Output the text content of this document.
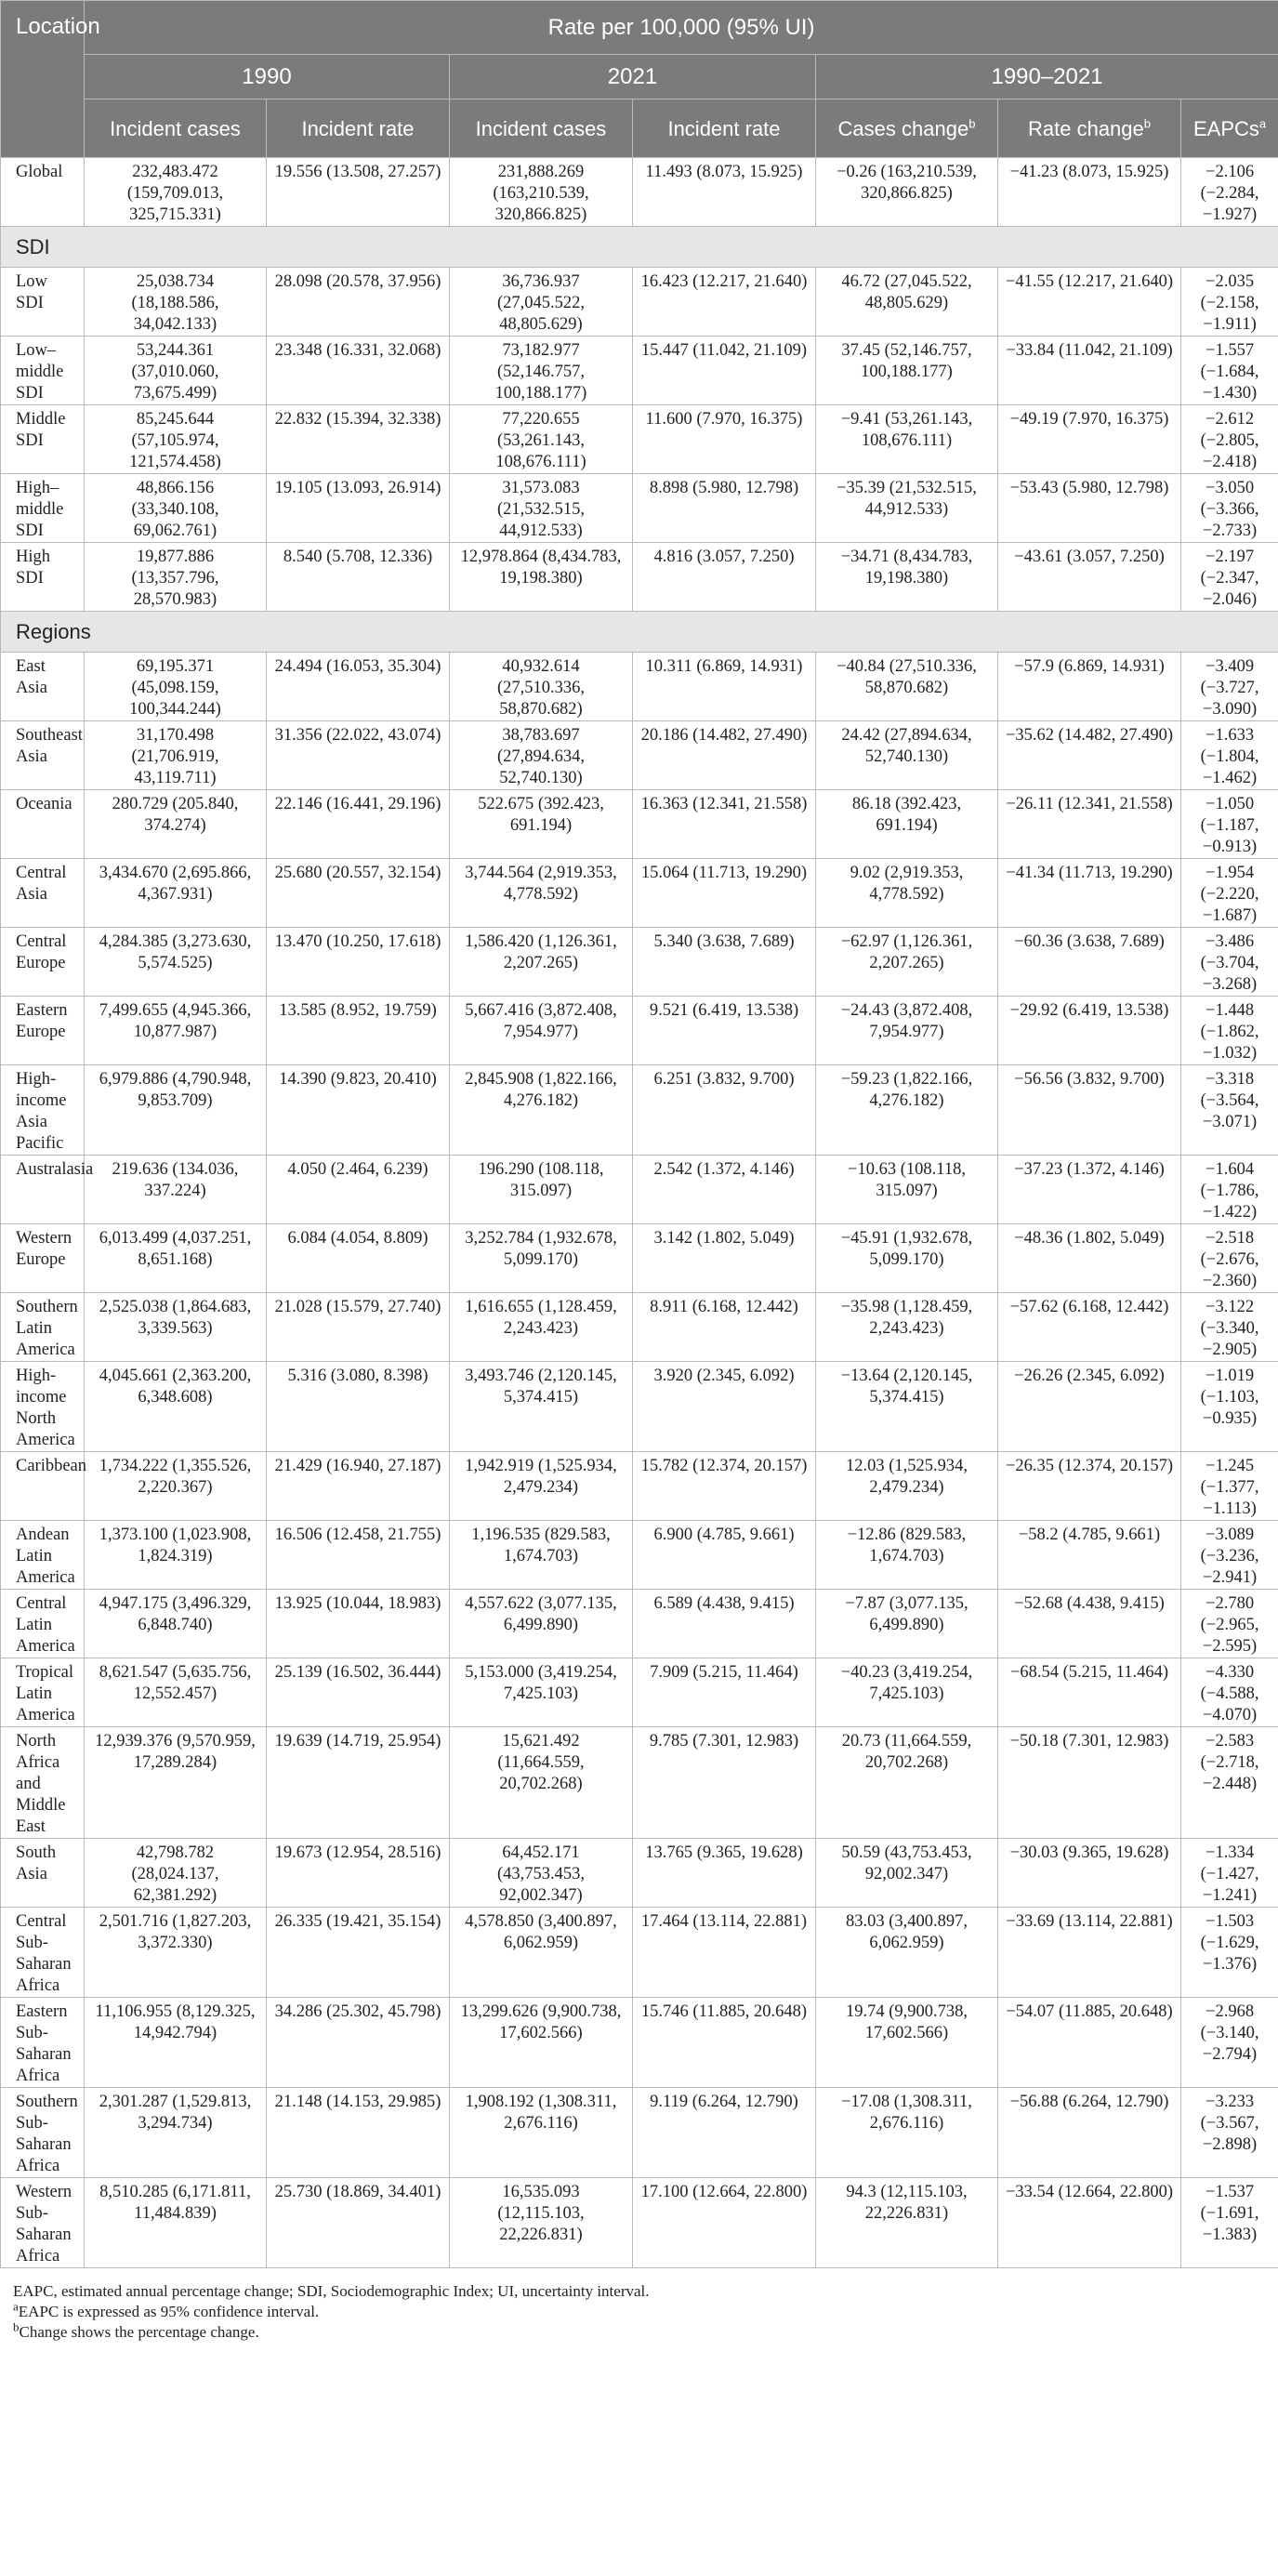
Location	Rate per 100,000 (95% UI)						
	1990		2021		1990–2021		
	Incident cases	Incident rate	Incident cases	Incident rate	Cases change$^b$	Rate change$^b$	EAPCs$^a$
Global	232,483.472 (159,709.013, 325,715.331)	19.556 (13.508, 27.257)	231,888.269 (163,210.539, 320,866.825)	11.493 (8.073, 15.925)	−0.26 (163,210.539, 320,866.825)	−41.23 (8.073, 15.925)	−2.106 (−2.284, −1.927)
SDI							
Low SDI	25,038.734 (18,188.586, 34,042.133)	28.098 (20.578, 37.956)	36,736.937 (27,045.522, 48,805.629)	16.423 (12.217, 21.640)	46.72 (27,045.522, 48,805.629)	−41.55 (12.217, 21.640)	−2.035 (−2.158, −1.911)
Low–middle SDI	53,244.361 (37,010.060, 73,675.499)	23.348 (16.331, 32.068)	73,182.977 (52,146.757, 100,188.177)	15.447 (11.042, 21.109)	37.45 (52,146.757, 100,188.177)	−33.84 (11.042, 21.109)	−1.557 (−1.684, −1.430)
Middle SDI	85,245.644 (57,105.974, 121,574.458)	22.832 (15.394, 32.338)	77,220.655 (53,261.143, 108,676.111)	11.600 (7.970, 16.375)	−9.41 (53,261.143, 108,676.111)	−49.19 (7.970, 16.375)	−2.612 (−2.805, −2.418)
High–middle SDI	48,866.156 (33,340.108, 69,062.761)	19.105 (13.093, 26.914)	31,573.083 (21,532.515, 44,912.533)	8.898 (5.980, 12.798)	−35.39 (21,532.515, 44,912.533)	−53.43 (5.980, 12.798)	−3.050 (−3.366, −2.733)
High SDI	19,877.886 (13,357.796, 28,570.983)	8.540 (5.708, 12.336)	12,978.864 (8,434.783, 19,198.380)	4.816 (3.057, 7.250)	−34.71 (8,434.783, 19,198.380)	−43.61 (3.057, 7.250)	−2.197 (−2.347, −2.046)
Regions							
East Asia	69,195.371 (45,098.159, 100,344.244)	24.494 (16.053, 35.304)	40,932.614 (27,510.336, 58,870.682)	10.311 (6.869, 14.931)	−40.84 (27,510.336, 58,870.682)	−57.9 (6.869, 14.931)	−3.409 (−3.727, −3.090)
Southeast Asia	31,170.498 (21,706.919, 43,119.711)	31.356 (22.022, 43.074)	38,783.697 (27,894.634, 52,740.130)	20.186 (14.482, 27.490)	24.42 (27,894.634, 52,740.130)	−35.62 (14.482, 27.490)	−1.633 (−1.804, −1.462)
Oceania	280.729 (205.840, 374.274)	22.146 (16.441, 29.196)	522.675 (392.423, 691.194)	16.363 (12.341, 21.558)	86.18 (392.423, 691.194)	−26.11 (12.341, 21.558)	−1.050 (−1.187, −0.913)
Central Asia	3,434.670 (2,695.866, 4,367.931)	25.680 (20.557, 32.154)	3,744.564 (2,919.353, 4,778.592)	15.064 (11.713, 19.290)	9.02 (2,919.353, 4,778.592)	−41.34 (11.713, 19.290)	−1.954 (−2.220, −1.687)
Central Europe	4,284.385 (3,273.630, 5,574.525)	13.470 (10.250, 17.618)	1,586.420 (1,126.361, 2,207.265)	5.340 (3.638, 7.689)	−62.97 (1,126.361, 2,207.265)	−60.36 (3.638, 7.689)	−3.486 (−3.704, −3.268)
Eastern Europe	7,499.655 (4,945.366, 10,877.987)	13.585 (8.952, 19.759)	5,667.416 (3,872.408, 7,954.977)	9.521 (6.419, 13.538)	−24.43 (3,872.408, 7,954.977)	−29.92 (6.419, 13.538)	−1.448 (−1.862, −1.032)
High-income Asia Pacific	6,979.886 (4,790.948, 9,853.709)	14.390 (9.823, 20.410)	2,845.908 (1,822.166, 4,276.182)	6.251 (3.832, 9.700)	−59.23 (1,822.166, 4,276.182)	−56.56 (3.832, 9.700)	−3.318 (−3.564, −3.071)
Australasia	219.636 (134.036, 337.224)	4.050 (2.464, 6.239)	196.290 (108.118, 315.097)	2.542 (1.372, 4.146)	−10.63 (108.118, 315.097)	−37.23 (1.372, 4.146)	−1.604 (−1.786, −1.422)
Western Europe	6,013.499 (4,037.251, 8,651.168)	6.084 (4.054, 8.809)	3,252.784 (1,932.678, 5,099.170)	3.142 (1.802, 5.049)	−45.91 (1,932.678, 5,099.170)	−48.36 (1.802, 5.049)	−2.518 (−2.676, −2.360)
Southern Latin America	2,525.038 (1,864.683, 3,339.563)	21.028 (15.579, 27.740)	1,616.655 (1,128.459, 2,243.423)	8.911 (6.168, 12.442)	−35.98 (1,128.459, 2,243.423)	−57.62 (6.168, 12.442)	−3.122 (−3.340, −2.905)
High-income North America	4,045.661 (2,363.200, 6,348.608)	5.316 (3.080, 8.398)	3,493.746 (2,120.145, 5,374.415)	3.920 (2.345, 6.092)	−13.64 (2,120.145, 5,374.415)	−26.26 (2.345, 6.092)	−1.019 (−1.103, −0.935)
Caribbean	1,734.222 (1,355.526, 2,220.367)	21.429 (16.940, 27.187)	1,942.919 (1,525.934, 2,479.234)	15.782 (12.374, 20.157)	12.03 (1,525.934, 2,479.234)	−26.35 (12.374, 20.157)	−1.245 (−1.377, −1.113)
Andean Latin America	1,373.100 (1,023.908, 1,824.319)	16.506 (12.458, 21.755)	1,196.535 (829.583, 1,674.703)	6.900 (4.785, 9.661)	−12.86 (829.583, 1,674.703)	−58.2 (4.785, 9.661)	−3.089 (−3.236, −2.941)
Central Latin America	4,947.175 (3,496.329, 6,848.740)	13.925 (10.044, 18.983)	4,557.622 (3,077.135, 6,499.890)	6.589 (4.438, 9.415)	−7.87 (3,077.135, 6,499.890)	−52.68 (4.438, 9.415)	−2.780 (−2.965, −2.595)
Tropical Latin America	8,621.547 (5,635.756, 12,552.457)	25.139 (16.502, 36.444)	5,153.000 (3,419.254, 7,425.103)	7.909 (5.215, 11.464)	−40.23 (3,419.254, 7,425.103)	−68.54 (5.215, 11.464)	−4.330 (−4.588, −4.070)
North Africa and Middle East	12,939.376 (9,570.959, 17,289.284)	19.639 (14.719, 25.954)	15,621.492 (11,664.559, 20,702.268)	9.785 (7.301, 12.983)	20.73 (11,664.559, 20,702.268)	−50.18 (7.301, 12.983)	−2.583 (−2.718, −2.448)
South Asia	42,798.782 (28,024.137, 62,381.292)	19.673 (12.954, 28.516)	64,452.171 (43,753.453, 92,002.347)	13.765 (9.365, 19.628)	50.59 (43,753.453, 92,002.347)	−30.03 (9.365, 19.628)	−1.334 (−1.427, −1.241)
Central Sub-Saharan Africa	2,501.716 (1,827.203, 3,372.330)	26.335 (19.421, 35.154)	4,578.850 (3,400.897, 6,062.959)	17.464 (13.114, 22.881)	83.03 (3,400.897, 6,062.959)	−33.69 (13.114, 22.881)	−1.503 (−1.629, −1.376)
Eastern Sub-Saharan Africa	11,106.955 (8,129.325, 14,942.794)	34.286 (25.302, 45.798)	13,299.626 (9,900.738, 17,602.566)	15.746 (11.885, 20.648)	19.74 (9,900.738, 17,602.566)	−54.07 (11.885, 20.648)	−2.968 (−3.140, −2.794)
Southern Sub-Saharan Africa	2,301.287 (1,529.813, 3,294.734)	21.148 (14.153, 29.985)	1,908.192 (1,308.311, 2,676.116)	9.119 (6.264, 12.790)	−17.08 (1,308.311, 2,676.116)	−56.88 (6.264, 12.790)	−3.233 (−3.567, −2.898)
Western Sub-Saharan Africa	8,510.285 (6,171.811, 11,484.839)	25.730 (18.869, 34.401)	16,535.093 (12,115.103, 22,226.831)	17.100 (12.664, 22.800)	94.3 (12,115.103, 22,226.831)	−33.54 (12.664, 22.800)	−1.537 (−1.691, −1.383)
EAPC, estimated annual percentage change; SDI, Sociodemographic Index; UI, uncertainty interval.
$^a$EAPC is expressed as 95% confidence interval.
$^b$Change shows the percentage change.
